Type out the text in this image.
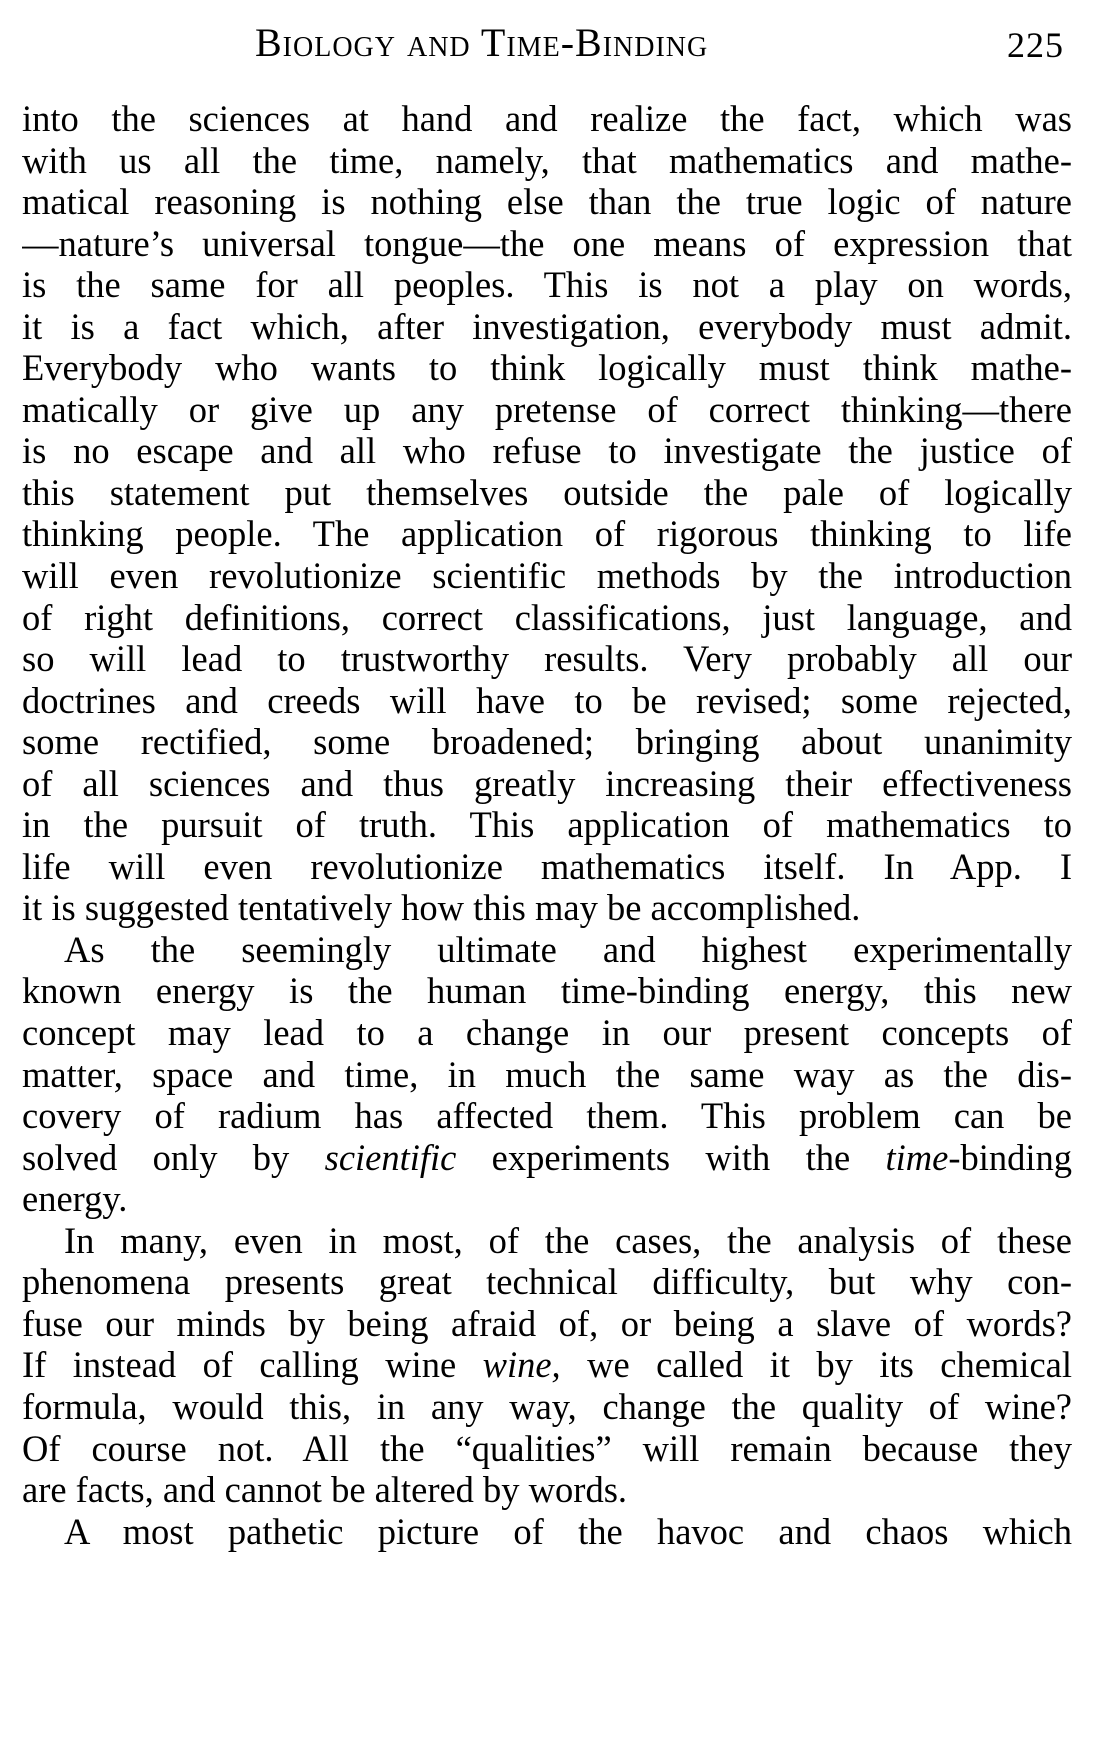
Biology and Time-Binding	225
into the sciences at hand and realize the fact, which was
with us all the time, namely, that mathematics and mathe-
matical reasoning is nothing else than the true logic of nature
—nature’s universal tongue—the one means of expression that
is the same for all peoples. This is not a play on words,
it is a fact which, after investigation, everybody must admit.
Everybody who wants to think logically must think mathe-
matically or give up any pretense of correct thinking—there
is no escape and all who refuse to investigate the justice of
this statement put themselves outside the pale of logically
thinking people. The application of rigorous thinking to life
will even revolutionize scientific methods by the introduction
of right definitions, correct classifications, just language, and
so will lead to trustworthy results. Very probably all our
doctrines and creeds will have to be revised; some rejected,
some rectified, some broadened; bringing about unanimity
of all sciences and thus greatly increasing their effectiveness
in the pursuit of truth. This application of mathematics to
life will even revolutionize mathematics itself. In App. I
it is suggested tentatively how this may be accomplished.
As the seemingly ultimate and highest experimentally
known energy is the human time-binding energy, this new
concept may lead to a change in our present concepts of
matter, space and time, in much the same way as the dis-
covery of radium has affected them. This problem can be
solved only by scientific experiments with the time-binding
energy.
In many, even in most, of the cases, the analysis of these
phenomena presents great technical difficulty, but why con-
fuse our minds by being afraid of, or being a slave of words?
If instead of calling wine wine, we called it by its chemical
formula, would this, in any way, change the quality of wine?
Of course not. All the “qualities” will remain because they
are facts, and cannot be altered by words.
A most pathetic picture of the havoc and chaos which
